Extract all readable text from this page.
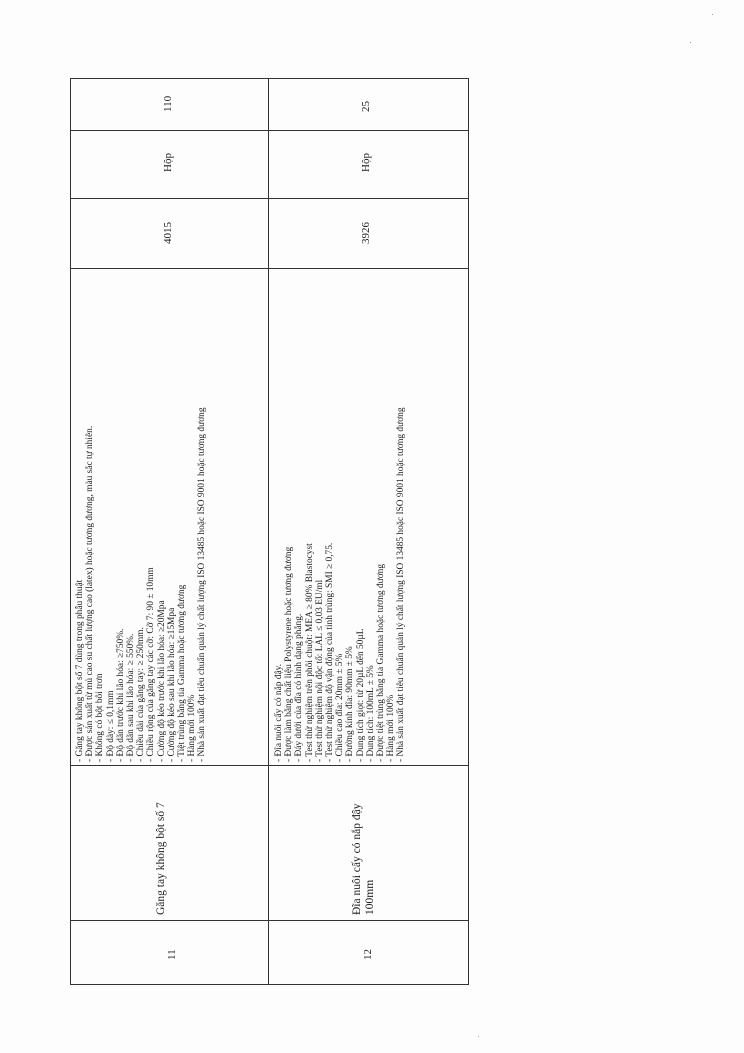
11
Găng tay không bột số 7
- Găng tay không bột số 7 dùng trong phẫu thuật - Được sản xuất từ mủ cao su chất lượng cao (latex) hoặc tương đương, màu sắc tự nhiên. - Không có bột bôi trơn - Độ dày: ≤ 0,1mm - Độ dãn trước khi lão hóa: ≥750%. - Độ dãn sau khi lão hóa: ≥ 550%. - Chiều dài của găng tay: ≥ 250mm. - Chiều rộng của găng tay các cỡ: Cỡ 7: 90 ± 10mm - Cường độ kéo trước khi lão hóa: ≥20Mpa - Cường độ kéo sau khi lão hóa: ≥15Mpa - Tiệt trùng bằng tia Gamma hoặc tương đương - Hàng mới 100% - Nhà sản xuất đạt tiêu chuẩn quản lý chất lượng ISO 13485 hoặc ISO 9001 hoặc tương đương
4015
Hộp
110
12
Đĩa nuôi cấy có nắp đậy 100mm
- Đĩa nuôi cấy có nắp đậy. - Được làm bằng chất liệu Polystyrene hoặc tương đương - Đáy dưới của đĩa có hình dạng phẳng. - Test thử nghiệm trên phôi chuột: MEA ≥ 80% Blastocyst - Test thử nghiệm nội độc tố: LAL ≤ 0,03 EU/ml - Test thử nghiệm độ vận động của tinh trùng: SMI ≥ 0,75. - Chiều cao đĩa: 20mm ± 5% - Đường kính đĩa: 90mm ± 5% - Dung tích giọt: từ 20µL đến 50µL - Dung tích: 100mL ± 5% - Được tiệt trùng bằng tia Gamma hoặc tương đương - Hàng mới 100% - Nhà sản xuất đạt tiêu chuẩn quản lý chất lượng ISO 13485 hoặc ISO 9001 hoặc tương đương
3926
Hộp
25
